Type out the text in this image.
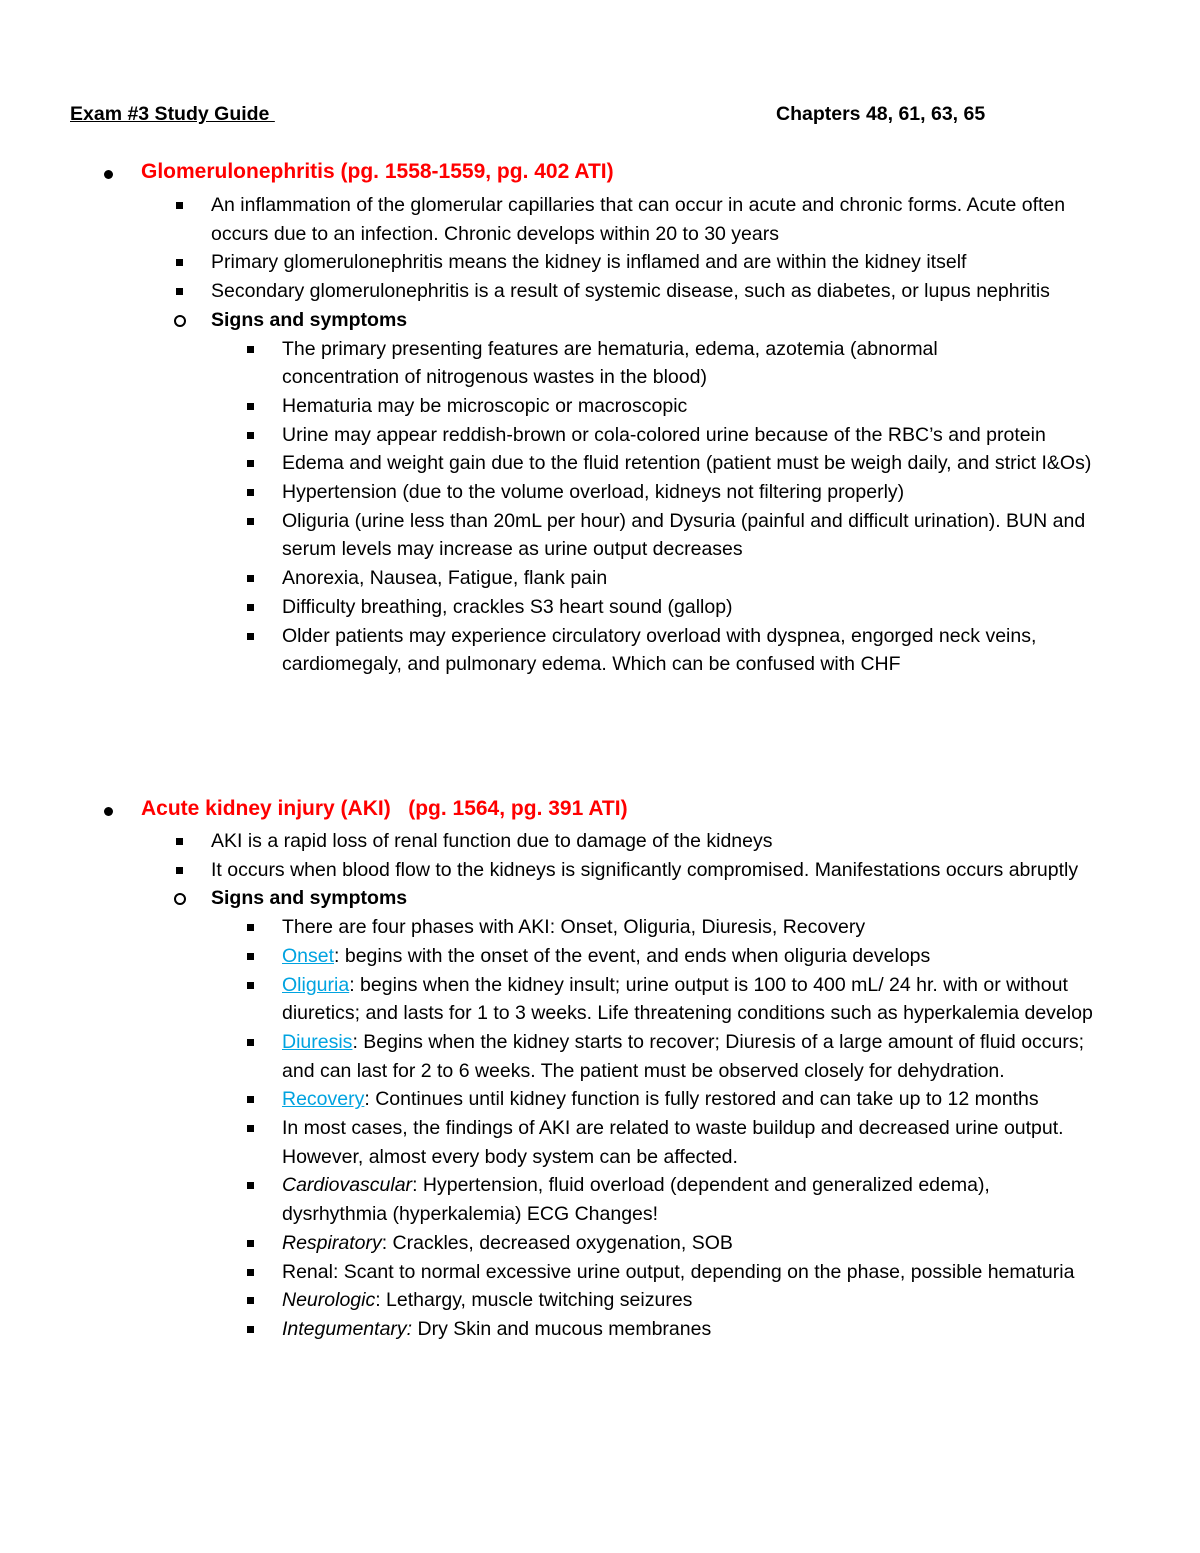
Exam #3 Study Guide	Chapters 48, 61, 63, 65
Glomerulonephritis (pg. 1558-1559, pg. 402 ATI)
An inflammation of the glomerular capillaries that can occur in acute and chronic forms. Acute often occurs due to an infection. Chronic develops within 20 to 30 years
Primary glomerulonephritis means the kidney is inflamed and are within the kidney itself
Secondary glomerulonephritis is a result of systemic disease, such as diabetes, or lupus nephritis
Signs and symptoms
The primary presenting features are hematuria, edema, azotemia (abnormal concentration of nitrogenous wastes in the blood)
Hematuria may be microscopic or macroscopic
Urine may appear reddish-brown or cola-colored urine because of the RBC’s and protein
Edema and weight gain due to the fluid retention (patient must be weigh daily, and strict I&Os)
Hypertension (due to the volume overload, kidneys not filtering properly)
Oliguria (urine less than 20mL per hour) and Dysuria (painful and difficult urination). BUN and serum levels may increase as urine output decreases
Anorexia, Nausea, Fatigue, flank pain
Difficulty breathing, crackles S3 heart sound (gallop)
Older patients may experience circulatory overload with dyspnea, engorged neck veins, cardiomegaly, and pulmonary edema. Which can be confused with CHF
Acute kidney injury (AKI)   (pg. 1564, pg. 391 ATI)
AKI is a rapid loss of renal function due to damage of the kidneys
It occurs when blood flow to the kidneys is significantly compromised. Manifestations occurs abruptly
Signs and symptoms
There are four phases with AKI: Onset, Oliguria, Diuresis, Recovery
Onset: begins with the onset of the event, and ends when oliguria develops
Oliguria: begins when the kidney insult; urine output is 100 to 400 mL/ 24 hr. with or without diuretics; and lasts for 1 to 3 weeks. Life threatening conditions such as hyperkalemia develop
Diuresis: Begins when the kidney starts to recover; Diuresis of a large amount of fluid occurs; and can last for 2 to 6 weeks. The patient must be observed closely for dehydration.
Recovery: Continues until kidney function is fully restored and can take up to 12 months
In most cases, the findings of AKI are related to waste buildup and decreased urine output. However, almost every body system can be affected.
Cardiovascular: Hypertension, fluid overload (dependent and generalized edema), dysrhythmia (hyperkalemia) ECG Changes!
Respiratory: Crackles, decreased oxygenation, SOB
Renal: Scant to normal excessive urine output, depending on the phase, possible hematuria
Neurologic: Lethargy, muscle twitching seizures
Integumentary: Dry Skin and mucous membranes
